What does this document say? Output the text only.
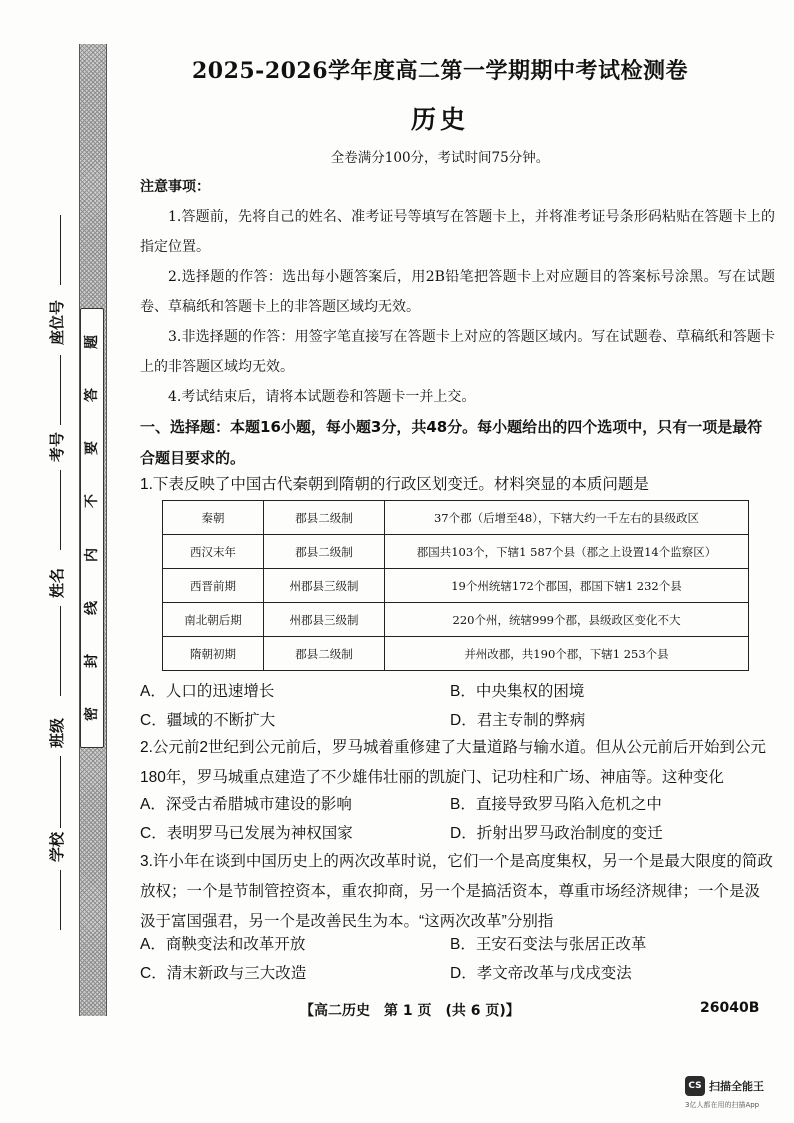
座位号
考号
姓名
班级
学校
题
答
要
不
内
线
封
密
2025-2026学年度高二第一学期期中考试检测卷
历史
全卷满分100分，考试时间75分钟。
注意事项：

1.答题前，先将自己的姓名、准考证号等填写在答题卡上，并将准考证号条形码粘贴在答题卡上的指定位置。

2.选择题的作答：选出每小题答案后，用2B铅笔把答题卡上对应题目的答案标号涂黑。写在试题卷、草稿纸和答题卡上的非答题区域均无效。

3.非选择题的作答：用签字笔直接写在答题卡上对应的答题区域内。写在试题卷、草稿纸和答题卡上的非答题区域均无效。

4.考试结束后，请将本试题卷和答题卡一并上交。

一、选择题：本题16小题，每小题3分，共48分。每小题给出的四个选项中，只有一项是最符合题目要求的。
1.下表反映了中国古代秦朝到隋朝的行政区划变迁。材料突显的本质问题是
秦朝	郡县二级制	37个郡（后增至48），下辖大约一千左右的县级政区
西汉末年	郡县二级制	郡国共103个，下辖1 587个县（郡之上设置14个监察区）
西晋前期	州郡县三级制	19个州统辖172个郡国，郡国下辖1 232个县
南北朝后期	州郡县三级制	220个州，统辖999个郡，县级政区变化不大
隋朝初期	郡县二级制	并州改郡，共190个郡，下辖1 253个县
A．人口的迅速增长	B．中央集权的困境
C．疆域的不断扩大	D．君主专制的弊病
2.公元前2世纪到公元前后，罗马城着重修建了大量道路与输水道。但从公元前后开始到公元180年，罗马城重点建造了不少雄伟壮丽的凯旋门、记功柱和广场、神庙等。这种变化
A．深受古希腊城市建设的影响	B．直接导致罗马陷入危机之中
C．表明罗马已发展为神权国家	D．折射出罗马政治制度的变迁
3.许小年在谈到中国历史上的两次改革时说，它们一个是高度集权，另一个是最大限度的简政放权；一个是节制管控资本，重农抑商，另一个是搞活资本，尊重市场经济规律；一个是汲汲于富国强君，另一个是改善民生为本。“这两次改革”分别指
A．商鞅变法和改革开放	B．王安石变法与张居正改革
C．清末新政与三大改造	D．孝文帝改革与戊戌变法
【高二历史　第 1 页　(共 6 页)】	26040B
CS 扫描全能王
3亿人都在用的扫描App
